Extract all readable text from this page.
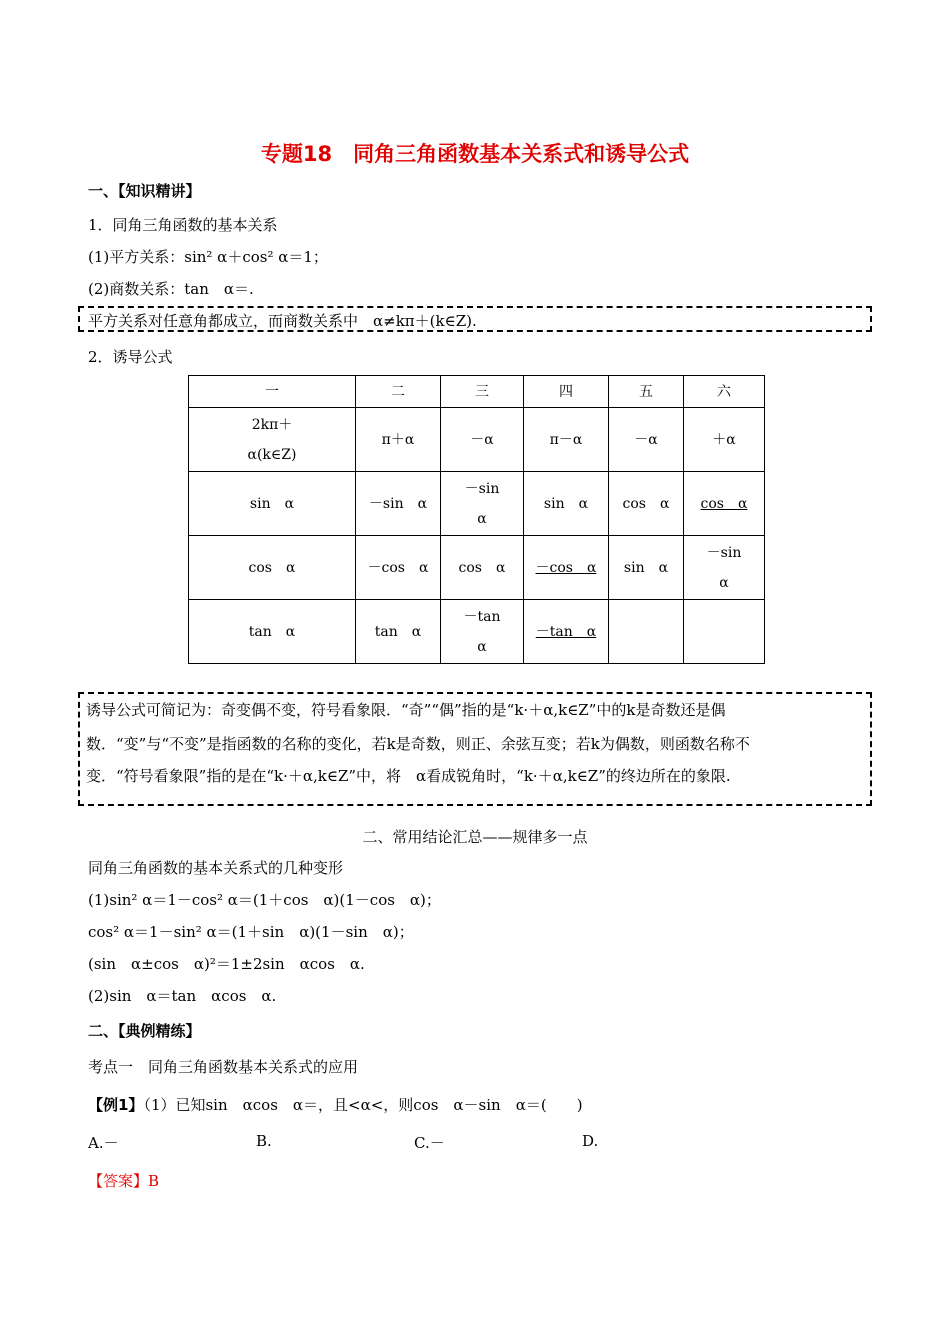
专题18　同角三角函数基本关系式和诱导公式
一、【知识精讲】
1．同角三角函数的基本关系
(1)平方关系：sin² α＋cos² α＝1；
(2)商数关系：tan　α＝.
平方关系对任意角都成立，而商数关系中　α≠kπ＋(k∈Z).
2．诱导公式
一	二	三	四	五	六

2kπ＋
α(k∈Z)	π＋α	－α	π－α	－α	＋α
sin　α	－sin　α	－sin
α	sin　α	cos　α	cos　α
cos　α	－cos　α	cos　α	－cos　α	sin　α	－sin
α

tan　α	tan　α	－tan
α	－tan　α		
诱导公式可简记为：奇变偶不变，符号看象限．“奇”“偶”指的是“k·＋α,k∈Z”中的k是奇数还是偶
数．“变”与“不变”是指函数的名称的变化，若k是奇数，则正、余弦互变；若k为偶数，则函数名称不
变．“符号看象限”指的是在“k·＋α,k∈Z”中，将　α看成锐角时，“k·＋α,k∈Z”的终边所在的象限.
二、常用结论汇总——规律多一点
同角三角函数的基本关系式的几种变形
(1)sin² α＝1－cos² α＝(1＋cos　α)(1－cos　α)；
cos² α＝1－sin² α＝(1＋sin　α)(1－sin　α)；
(sin　α±cos　α)²＝1±2sin　αcos　α.
(2)sin　α＝tan　αcos　α.
二、【典例精练】
考点一　同角三角函数基本关系式的应用
【例1】（1）已知sin　αcos　α＝，且<α<，则cos　α－sin　α＝(　　)
A.－	B.	C.－	D.
【答案】B
